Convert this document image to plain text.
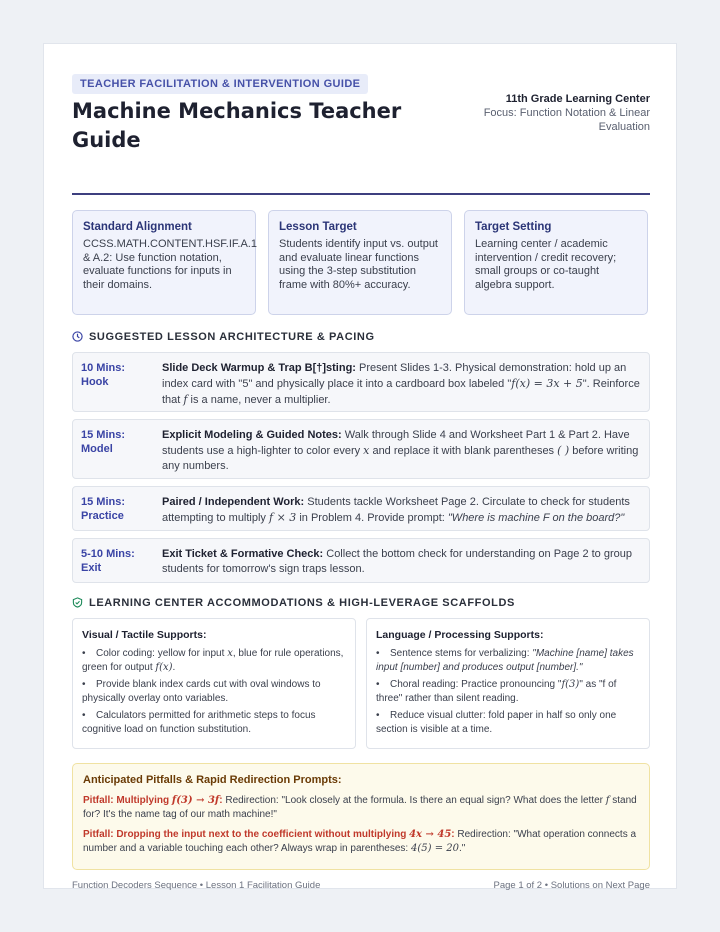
TEACHER FACILITATION & INTERVENTION GUIDE
Machine Mechanics Teacher Guide
11th Grade Learning Center
Focus: Function Notation & Linear Evaluation
Standard Alignment

CCSS.MATH.CONTENT.HSF.IF.A.1 & A.2: Use function notation, evaluate functions for inputs in their domains.

Lesson Target

Students identify input vs. output and evaluate linear functions using the 3-step substitution frame with 80%+ accuracy.

Target Setting

Learning center / academic intervention / credit recovery; small groups or co-taught algebra support.

SUGGESTED LESSON ARCHITECTURE & PACING
10 Mins: Hook
Slide Deck Warmup & Trap B[†]sting: Present Slides 1-3. Physical demonstration: hold up an index card with "5" and physically place it into a cardboard box labeled "f(x) = 3x + 5". Reinforce that f is a name, never a multiplier.
15 Mins: Model
Explicit Modeling & Guided Notes: Walk through Slide 4 and Worksheet Part 1 & Part 2. Have students use a high-lighter to color every x and replace it with blank parentheses ( ) before writing any numbers.
15 Mins: Practice
Paired / Independent Work: Students tackle Worksheet Page 2. Circulate to check for students attempting to multiply f × 3 in Problem 4. Provide prompt: "Where is machine F on the board?"
5-10 Mins: Exit
Exit Ticket & Formative Check: Collect the bottom check for understanding on Page 2 to group students for tomorrow's sign traps lesson.
LEARNING CENTER ACCOMMODATIONS & HIGH-LEVERAGE SCAFFOLDS
Visual / Tactile Supports:
• Color coding: yellow for input x, blue for rule operations, green for output f(x).
• Provide blank index cards cut with oval windows to physically overlay onto variables.
• Calculators permitted for arithmetic steps to focus cognitive load on function substitution.
Language / Processing Supports:
• Sentence stems for verbalizing: "Machine [name] takes input [number] and produces output [number]."
• Choral reading: Practice pronouncing "f(3)" as "f of three" rather than silent reading.
• Reduce visual clutter: fold paper in half so only one section is visible at a time.
Anticipated Pitfalls & Rapid Redirection Prompts:
Pitfall: Multiplying f(3) → 3f: Redirection: "Look closely at the formula. Is there an equal sign? What does the letter f stand for? It's the name tag of our math machine!"
Pitfall: Dropping the input next to the coefficient without multiplying 4x → 45: Redirection: "What operation connects a number and a variable touching each other? Always wrap in parentheses: 4(5) = 20."
Function Decoders Sequence • Lesson 1 Facilitation Guide	Page 1 of 2 • Solutions on Next Page
